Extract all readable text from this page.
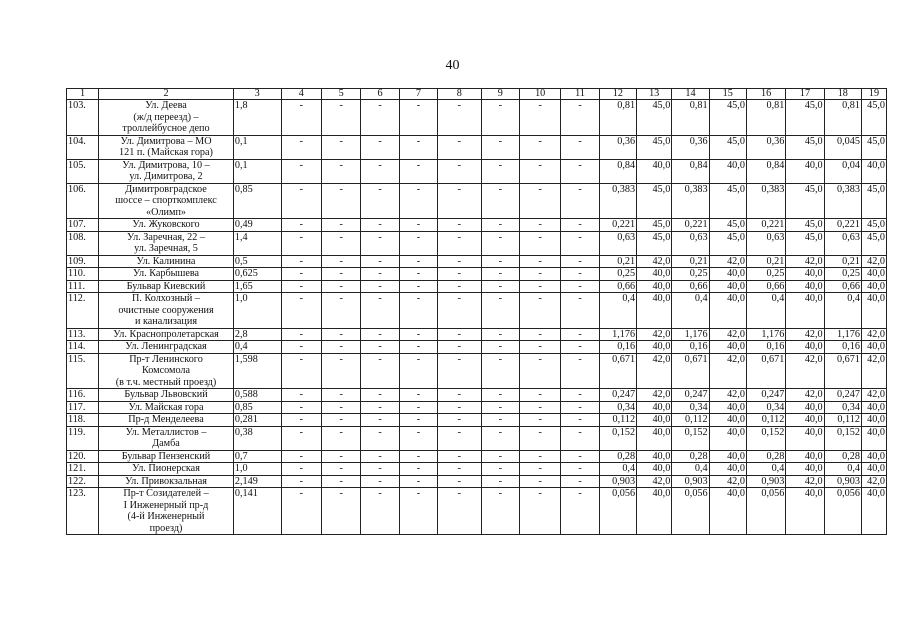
40
1	2	3	4	5	6	7	8	9	10	11	12	13	14	15	16	17	18	19
103.	Ул. Деева
(ж/д переезд) –
троллейбусное депо	1,8	-	-	-	-	-	-	-	-	0,81	45,0	0,81	45,0	0,81	45,0	0,81	45,0
104.	Ул. Димитрова – МО
121 п. (Майская гора)	0,1	-	-	-	-	-	-	-	-	0,36	45,0	0,36	45,0	0,36	45,0	0,045	45,0
105.	Ул. Димитрова, 10 –
ул. Димитрова, 2	0,1	-	-	-	-	-	-	-	-	0,84	40,0	0,84	40,0	0,84	40,0	0,04	40,0
106.	Димитровградское
шоссе – спорткомплекс
«Олимп»	0,85	-	-	-	-	-	-	-	-	0,383	45,0	0,383	45,0	0,383	45,0	0,383	45,0
107.	Ул. Жуковского	0,49	-	-	-	-	-	-	-	-	0,221	45,0	0,221	45,0	0,221	45,0	0,221	45,0
108.	Ул. Заречная, 22 –
ул. Заречная, 5	1,4	-	-	-	-	-	-	-	-	0,63	45,0	0,63	45,0	0,63	45,0	0,63	45,0
109.	Ул. Калинина	0,5	-	-	-	-	-	-	-	-	0,21	42,0	0,21	42,0	0,21	42,0	0,21	42,0
110.	Ул. Карбышева	0,625	-	-	-	-	-	-	-	-	0,25	40,0	0,25	40,0	0,25	40,0	0,25	40,0
111.	Бульвар Киевский	1,65	-	-	-	-	-	-	-	-	0,66	40,0	0,66	40,0	0,66	40,0	0,66	40,0
112.	П. Колхозный –
очистные сооружения
и канализация	1,0	-	-	-	-	-	-	-	-	0,4	40,0	0,4	40,0	0,4	40,0	0,4	40,0
113.	Ул. Краснопролетарская	2,8	-	-	-	-	-	-	-	-	1,176	42,0	1,176	42,0	1,176	42,0	1,176	42,0
114.	Ул. Ленинградская	0,4	-	-	-	-	-	-	-	-	0,16	40,0	0,16	40,0	0,16	40,0	0,16	40,0
115.	Пр-т Ленинского
Комсомола
(в т.ч. местный проезд)	1,598	-	-	-	-	-	-	-	-	0,671	42,0	0,671	42,0	0,671	42,0	0,671	42,0
116.	Бульвар Львовский	0,588	-	-	-	-	-	-	-	-	0,247	42,0	0,247	42,0	0,247	42,0	0,247	42,0
117.	Ул. Майская гора	0,85	-	-	-	-	-	-	-	-	0,34	40,0	0,34	40,0	0,34	40,0	0,34	40,0
118.	Пр-д Менделеева	0,281	-	-	-	-	-	-	-	-	0,112	40,0	0,112	40,0	0,112	40,0	0,112	40,0
119.	Ул. Металлистов –
Дамба	0,38	-	-	-	-	-	-	-	-	0,152	40,0	0,152	40,0	0,152	40,0	0,152	40,0
120.	Бульвар Пензенский	0,7	-	-	-	-	-	-	-	-	0,28	40,0	0,28	40,0	0,28	40,0	0,28	40,0
121.	Ул. Пионерская	1,0	-	-	-	-	-	-	-	-	0,4	40,0	0,4	40,0	0,4	40,0	0,4	40,0
122.	Ул. Привокзальная	2,149	-	-	-	-	-	-	-	-	0,903	42,0	0,903	42,0	0,903	42,0	0,903	42,0
123.	Пр-т Созидателей –
I Инженерный пр-д
(4-й Инженерный
проезд)	0,141	-	-	-	-	-	-	-	-	0,056	40,0	0,056	40,0	0,056	40,0	0,056	40,0
